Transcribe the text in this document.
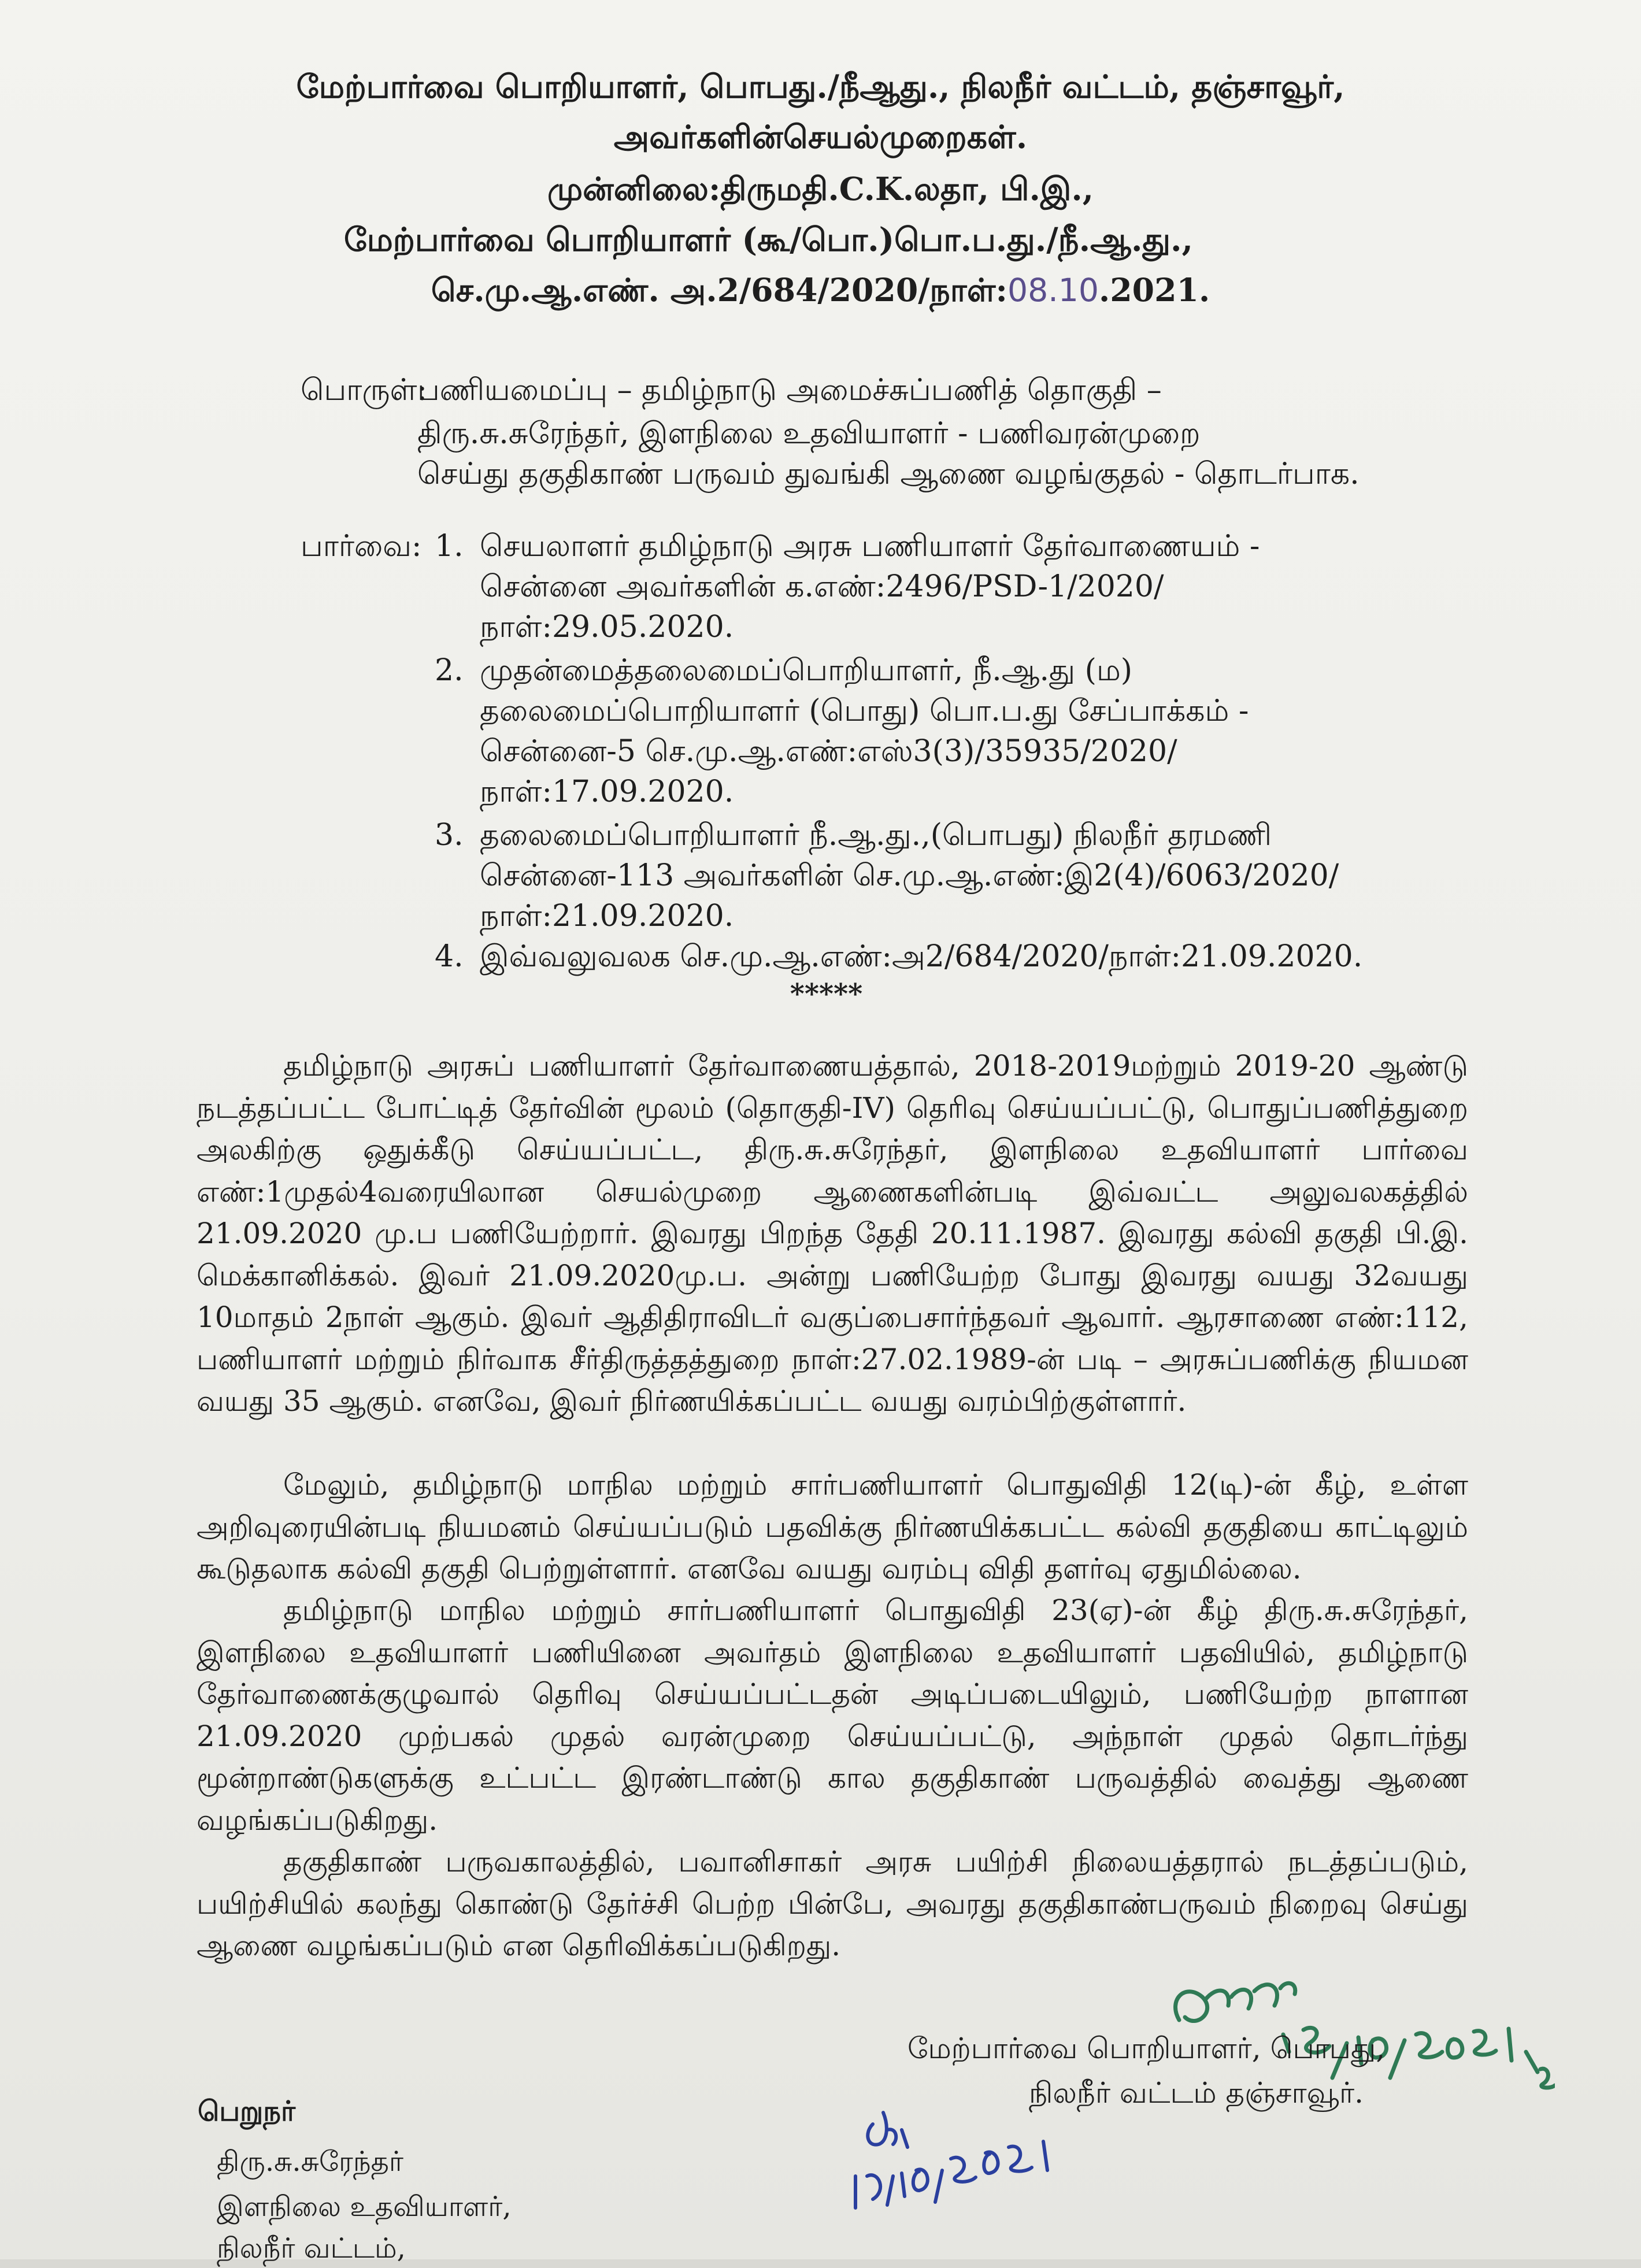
மேற்பார்வை பொறியாளர், பொபது./நீஆது., நிலநீர் வட்டம், தஞ்சாவூர்,
அவர்களின்செயல்முறைகள்.
முன்னிலை:திருமதி.C.K.லதா, பி.இ.,
மேற்பார்வை பொறியாளர் (கூ/பொ.)பொ.ப.து./நீ.ஆ.து.,
செ.மு.ஆ.எண். அ.2/684/2020/நாள்:08.10.2021.
பொருள்:
பணியமைப்பு – தமிழ்நாடு அமைச்சுப்பணித் தொகுதி –
திரு.சு.சுரேந்தர், இளநிலை உதவியாளர் - பணிவரன்முறை
செய்து தகுதிகாண் பருவம் துவங்கி ஆணை வழங்குதல் - தொடர்பாக.
பார்வை: 1. செயலாளர் தமிழ்நாடு அரசு பணியாளர் தேர்வாணையம் -
சென்னை அவர்களின் க.எண்:2496/PSD-1/2020/
நாள்:29.05.2020.
2. முதன்மைத்தலைமைப்பொறியாளர், நீ.ஆ.து (ம)
தலைமைப்பொறியாளர் (பொது) பொ.ப.து சேப்பாக்கம் -
சென்னை-5 செ.மு.ஆ.எண்:எஸ்3(3)/35935/2020/
நாள்:17.09.2020.
3. தலைமைப்பொறியாளர் நீ.ஆ.து.,(பொபது) நிலநீர் தரமணி
சென்னை-113 அவர்களின் செ.மு.ஆ.எண்:இ2(4)/6063/2020/
நாள்:21.09.2020.
4. இவ்வலுவலக செ.மு.ஆ.எண்:அ2/684/2020/நாள்:21.09.2020.
*****

தமிழ்நாடு அரசுப் பணியாளர் தேர்வாணையத்தால், 2018-2019மற்றும் 2019-20 ஆண்டு நடத்தப்பட்ட போட்டித் தேர்வின் மூலம் (தொகுதி-IV) தெரிவு செய்யப்பட்டு, பொதுப்பணித்துறை அலகிற்கு ஒதுக்கீடு செய்யப்பட்ட, திரு.சு.சுரேந்தர், இளநிலை உதவியாளர் பார்வை எண்:1முதல்4வரையிலான செயல்முறை ஆணைகளின்படி இவ்வட்ட அலுவலகத்தில் 21.09.2020 மு.ப பணியேற்றார். இவரது பிறந்த தேதி 20.11.1987. இவரது கல்வி தகுதி பி.இ. மெக்கானிக்கல். இவர் 21.09.2020மு.ப. அன்று பணியேற்ற போது இவரது வயது 32வயது 10மாதம் 2நாள் ஆகும். இவர் ஆதிதிராவிடர் வகுப்பைசார்ந்தவர் ஆவார். ஆரசாணை எண்:112, பணியாளர் மற்றும் நிர்வாக சீர்திருத்தத்துறை நாள்:27.02.1989-ன் படி – அரசுப்பணிக்கு நியமன வயது 35 ஆகும். எனவே, இவர் நிர்ணயிக்கப்பட்ட வயது வரம்பிற்குள்ளார்.

மேலும், தமிழ்நாடு மாநில மற்றும் சார்பணியாளர் பொதுவிதி 12(டி)-ன் கீழ், உள்ள அறிவுரையின்படி நியமனம் செய்யப்படும் பதவிக்கு நிர்ணயிக்கபட்ட கல்வி தகுதியை காட்டிலும் கூடுதலாக கல்வி தகுதி பெற்றுள்ளார். எனவே வயது வரம்பு விதி தளர்வு ஏதுமில்லை.

தமிழ்நாடு மாநில மற்றும் சார்பணியாளர் பொதுவிதி 23(ஏ)-ன் கீழ் திரு.சு.சுரேந்தர், இளநிலை உதவியாளர் பணியினை அவர்தம் இளநிலை உதவியாளர் பதவியில், தமிழ்நாடு தேர்வாணைக்குழுவால் தெரிவு செய்யப்பட்டதன் அடிப்படையிலும், பணியேற்ற நாளான 21.09.2020 முற்பகல் முதல் வரன்முறை செய்யப்பட்டு, அந்நாள் முதல் தொடர்ந்து மூன்றாண்டுகளுக்கு உட்பட்ட இரண்டாண்டு கால தகுதிகாண் பருவத்தில் வைத்து ஆணை வழங்கப்படுகிறது.

தகுதிகாண் பருவகாலத்தில், பவானிசாகர் அரசு பயிற்சி நிலையத்தரால் நடத்தப்படும், பயிற்சியில் கலந்து கொண்டு தேர்ச்சி பெற்ற பின்பே, அவரது தகுதிகாண்பருவம் நிறைவு செய்து ஆணை வழங்கப்படும் என தெரிவிக்கப்படுகிறது.

மேற்பார்வை பொறியாளர், பொபது,
நிலநீர் வட்டம் தஞ்சாவூர்.
பெறுநர்
திரு.சு.சுரேந்தர்
இளநிலை உதவியாளர்,
நிலநீர் வட்டம்,
